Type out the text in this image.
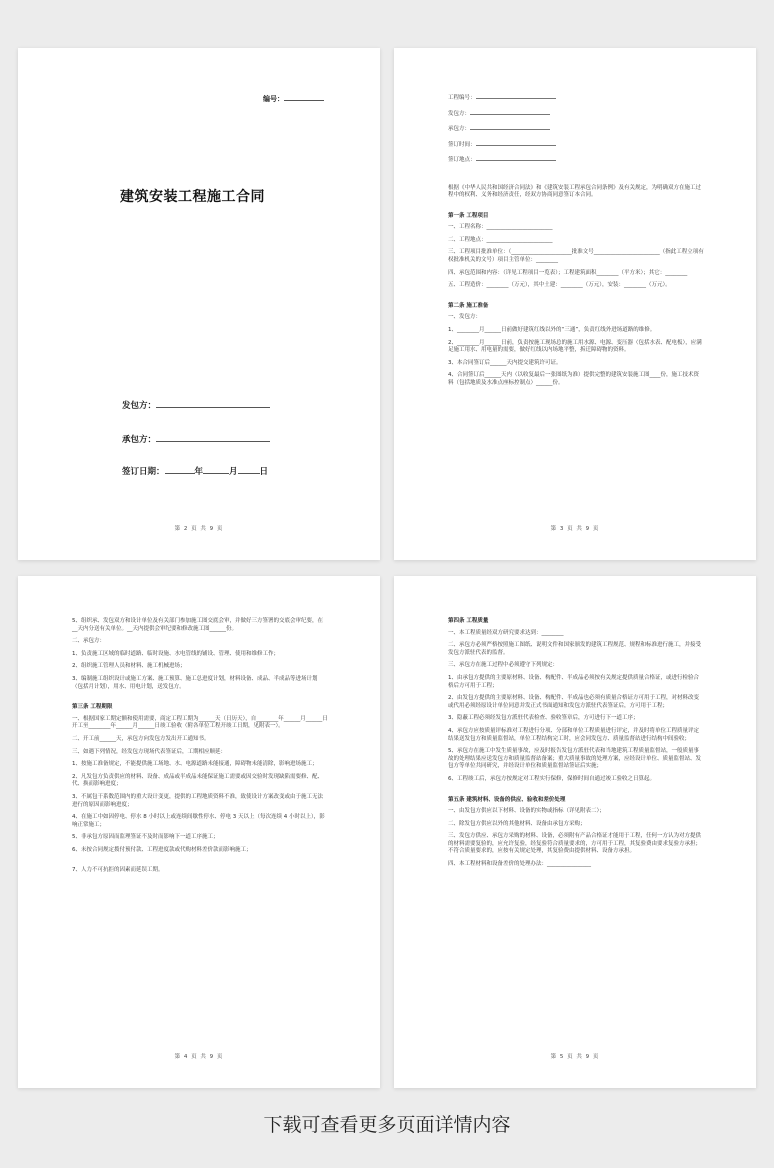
编号：
建筑安装工程施工合同
发包方：
承包方：
签订日期：	年	月	日
第 2 页 共 9 页
工程编号：
发包方：
承包方：
签订时间：
签订地点：

根据《中华人民共和国经济合同法》和《建筑安装工程承包合同条例》及有关规定，为明确双方在施工过程中的权利、义务和经济责任，经双方协商同意签订本合同。

第一条 工程项目

一、工程名称：________________________

二、工程地点：________________________

三、工程项目批准单位：（______________________批准文号________________________（指此工程立项有权批准机关的文号）项目主管单位：________

四、承包范围和内容：（详见工程项目一览表）；工程建筑面积________（平方米）；其它：________

五、工程造价：________（万元），其中土建：________（万元），安装：________（万元）。

第二条 施工准备

一、发包方：

1、________月______日前做好建筑红线以外的“三通”，负责红线外进场道路的维修。

2、________月______日前，负责按施工现场总的施工用水源、电源、变压器（包括水表、配电板），应满足施工用水、用电量的需要，做好红线以内场地平整，拆迁障碍物的资料。

3、本合同签订后______天内提交建筑许可证。

4、合同签订后______天内（以收复最后一张图纸为准）提供完整的建筑安装施工图____份，施工技术资料（包括地质及水准点座标控制点）______份。

第 3 页 共 9 页

5、组织承、发包双方和设计单位及有关部门参加施工图交底会审，并做好三方签署的交底会审纪要，在__天内分送有关单位。__天内提供会审纪要和修改施工图______份。

二、承包方：

1、负责施工区域的临时道路、临时设施、水电管线的铺设、管理、使用和维修工作；

2、组织施工管理人员和材料、施工机械进场；

3、编制施工组织设计或施工方案、施工预算、施工总进度计划，材料设备、成品、半成品等进场计划（包括月计划），用水、用电计划，送发包方。

第三条 工程期限

一、根据国家工期定额和使用需要，商定工程工期为______天（日历天），自________年______月______日开工至________年______月______日竣工验收（附各单位工程开竣工日期，见附表一）。

二、开工前______天，承包方向发包方发出开工通知书。

三、如遇下列情况，经发包方现场代表签证后，工期相应顺延：

1、按施工准备规定，不能提供施工场地、水、电源道路未能接通，障碍物未能清除，影响进场施工；

2、凡发包方负责供应的材料、设备、成品或半成品未能保证施工需要或因交验时发现缺陷需要修、配、代、换而影响进度；

3、不属包干系数范围内的重大设计变更，提供的工程地质资料不准，致使设计方案改变或由于施工无法进行的原因而影响进度；

4、在施工中如因停电、停水 8 小时以上或连续间歇性停水、停电 3 天以上（每次连续 4 小时以上），影响正常施工；

5、非承包方原因而监理签证不及时而影响下一道工序施工；

6、未按合同规定拨付预付款、工程进度款或代购材料差价款而影响施工；

7、人力不可抗拒的因素而延误工期。

第 4 页 共 9 页

第四条 工程质量

一、本工程质量经双方研究要求达到：________

二、承包方必须严格按照施工图纸、说明文件和国家颁发的建筑工程规范、规程和标准进行施工，并接受发包方派驻代表的监督。

三、承包方在施工过程中必须遵守下列规定：

1、由承包方提供的主要原材料、设备、构配件、半成品必须按有关规定提供质量合格证，或进行检验合格后方可用于工程；

2、由发包方提供的主要原材料、设备、构配件、半成品也必须有质量合格证方可用于工程，对材料改变或代用必须经原设计单位同意并发正式书面通知和发包方派驻代表签证后，方可用于工程；

3、隐蔽工程必须经发包方派驻代表检查、验收签章后，方可进行下一道工序；

4、承包方应按质量评标准对工程进行分项、分部和单位工程质量进行评定，并及时将单位工程质量评定结果送发包方和质量监督站，单位工程结构完工时，应会同发包方、质量监督站进行结构中间验收；

5、承包方在施工中发生质量事故，应及时报告发包方派驻代表和当地建筑工程质量监督站，一般质量事故的处理结果应送发包方和质量监督站备案；重大质量事故的处理方案，应经设计单位、质量监督站、发包方等单位共同研究，并经设计单位和质量监督站签证后实施；

6、工程竣工后，承包方按规定对工程实行保修，保修时间自通过竣工验收之日算起。

第五条 建筑材料、设备的供应、验收和差价处理

一、由发包方供应以下材料、设备的实物或指标（详见附表二）；

二、除发包方供应以外的其他材料、设备由承包方采购；

三、发包方供应、承包方采购的材料、设备，必须附有产品合格证才能用于工程，任何一方认为对方提供的材料需要复验的，应允许复验，经复验符合质量要求的，方可用于工程，其复验费由要求复验方承担；不符合质量要求的，应按有关规定处理，其复验费由提供材料、设备方承担。

四、本工程材料和设备差价的处理办法：________________

第 5 页 共 9 页
下载可查看更多页面详情内容
